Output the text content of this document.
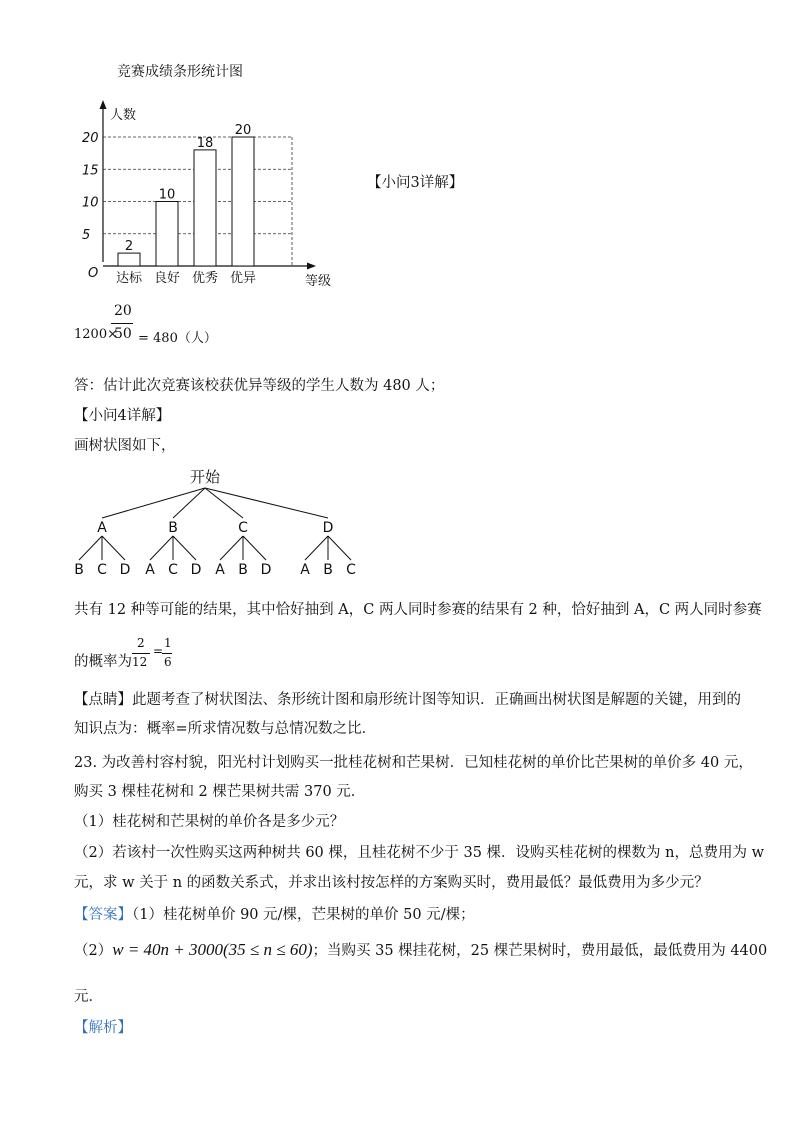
竞赛成绩条形统计图
人数
等级
O
5
10
15
20
2
10
18
20
达标 良好 优秀 优异
【小问3详解】
1200×
20
50 = 480（人）
答：估计此次竞赛该校获优异等级的学生人数为 480 人；
【小问4详解】
画树状图如下，
开始
A
B C D
B
A C D
C
A B D
D
A B C
共有 12 种等可能的结果，其中恰好抽到 A，C 两人同时参赛的结果有 2 种，恰好抽到 A，C 两人同时参赛
的概率为
2
12
=
1
6
【点睛】此题考查了树状图法、条形统计图和扇形统计图等知识．正确画出树状图是解题的关键，用到的
知识点为：概率=所求情况数与总情况数之比．
23. 为改善村容村貌，阳光村计划购买一批桂花树和芒果树．已知桂花树的单价比芒果树的单价多 40 元，
购买 3 棵桂花树和 2 棵芒果树共需 370 元．
（1）桂花树和芒果树的单价各是多少元？
（2）若该村一次性购买这两种树共 60 棵，且桂花树不少于 35 棵．设购买桂花树的棵数为 n，总费用为 w
元，求 w 关于 n 的函数关系式，并求出该村按怎样的方案购买时，费用最低？最低费用为多少元？
【答案】（1）桂花树单价 90 元/棵，芒果树的单价 50 元/棵；
（2）w = 40n + 3000(35 ≤ n ≤ 60)；当购买 35 棵挂花树，25 棵芒果树时，费用最低，最低费用为 4400
元．
【解析】
